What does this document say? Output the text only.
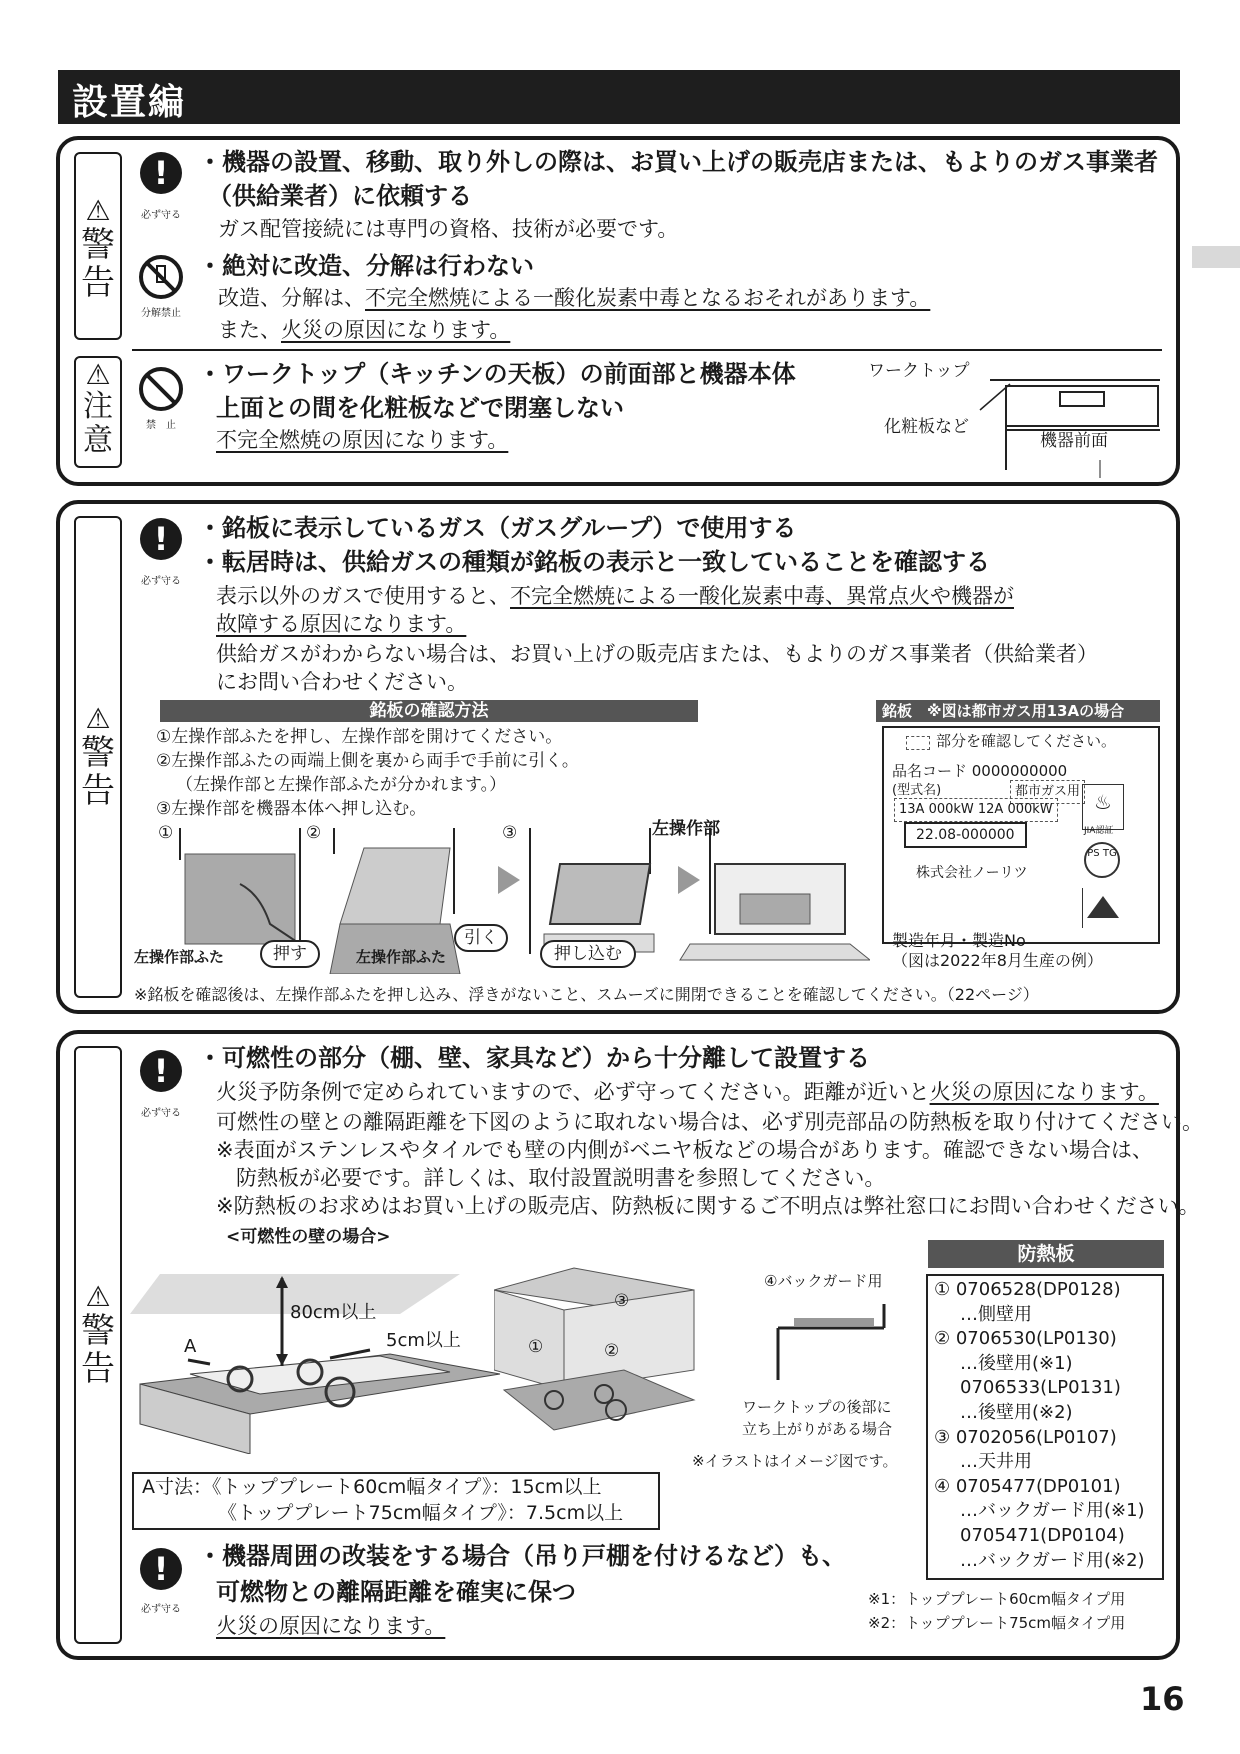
設置編
⚠
警
告
⚠
注
意
!
必ず守る
・機器の設置、移動、取り外しの際は、お買い上げの販売店または、もよりのガス事業者
（供給業者）に依頼する
ガス配管接続には専門の資格、技術が必要です。
分解禁止
・絶対に改造、分解は行わない
改造、分解は、不完全燃焼による一酸化炭素中毒となるおそれがあります。
また、火災の原因になります。
禁　止
・ワークトップ（キッチンの天板）の前面部と機器本体
上面との間を化粧板などで閉塞しない
不完全燃焼の原因になります。
ワークトップ
化粧板など
機器前面
⚠
警
告
!
必ず守る
・銘板に表示しているガス（ガスグループ）で使用する
・転居時は、供給ガスの種類が銘板の表示と一致していることを確認する
表示以外のガスで使用すると、不完全燃焼による一酸化炭素中毒、異常点火や機器が
故障する原因になります。
供給ガスがわからない場合は、お買い上げの販売店または、もよりのガス事業者（供給業者）
にお問い合わせください。
銘板の確認方法
①左操作部ふたを押し、左操作部を開けてください。
②左操作部ふたの両端上側を裏から両手で手前に引く。
（左操作部と左操作部ふたが分かれます。）
③左操作部を機器本体へ押し込む。
①	②	③	左操作部
左操作部ふた	押す	左操作部ふた
引く
押し込む
銘板　※図は都市ガス用13Aの場合
部分を確認してください。
品名コード 0000000000
(型式名)	都市ガス用
13A 000kW 12A 000kW
22.08-000000
株式会社ノーリツ
♨
JIA認証
PS TG
製造年月・製造No
（図は2022年8月生産の例）
※銘板を確認後は、左操作部ふたを押し込み、浮きがないこと、スムーズに開閉できることを確認してください。（22ページ）
⚠
警
告
!
必ず守る
・可燃性の部分（棚、壁、家具など）から十分離して設置する
火災予防条例で定められていますので、必ず守ってください。距離が近いと火災の原因になります。
可燃性の壁との離隔距離を下図のように取れない場合は、必ず別売部品の防熱板を取り付けてください。
※表面がステンレスやタイルでも壁の内側がベニヤ板などの場合があります。確認できない場合は、
防熱板が必要です。詳しくは、取付設置説明書を参照してください。
※防熱板のお求めはお買い上げの販売店、防熱板に関するご不明点は弊社窓口にお問い合わせください。
<可燃性の壁の場合>
80cm以上
5cm以上
A
③
①	②
④バックガード用
ワークトップの後部に
立ち上がりがある場合
※イラストはイメージ図です。
A寸法：《トッププレート60cm幅タイプ》：15cm以上
《トッププレート75cm幅タイプ》：7.5cm以上
防熱板
① 0706528(DP0128)
…側壁用
② 0706530(LP0130)
…後壁用(※1)
0706533(LP0131)
…後壁用(※2)
③ 0702056(LP0107)
…天井用
④ 0705477(DP0101)
…バックガード用(※1)
0705471(DP0104)
…バックガード用(※2)
※1：トッププレート60cm幅タイプ用
※2：トッププレート75cm幅タイプ用
!
必ず守る
・機器周囲の改装をする場合（吊り戸棚を付けるなど）も、
可燃物との離隔距離を確実に保つ
火災の原因になります。
16
